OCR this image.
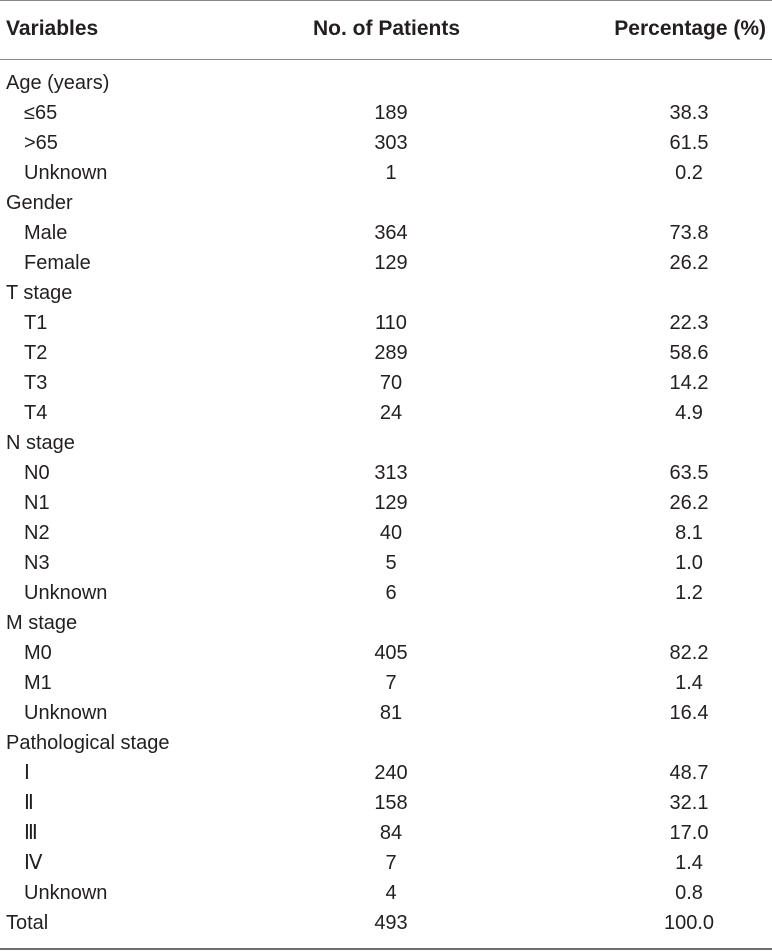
Variables	No. of Patients	Percentage (%)
Age (years)
≤65	189	38.3
>65	303	61.5
Unknown	1	0.2
Gender
Male	364	73.8
Female	129	26.2
T stage
T1	110	22.3
T2	289	58.6
T3	70	14.2
T4	24	4.9
N stage
N0	313	63.5
N1	129	26.2
N2	40	8.1
N3	5	1.0
Unknown	6	1.2
M stage
M0	405	82.2
M1	7	1.4
Unknown	81	16.4
Pathological stage
Ⅰ	240	48.7
Ⅱ	158	32.1
Ⅲ	84	17.0
Ⅳ	7	1.4
Unknown	4	0.8
Total	493	100.0
